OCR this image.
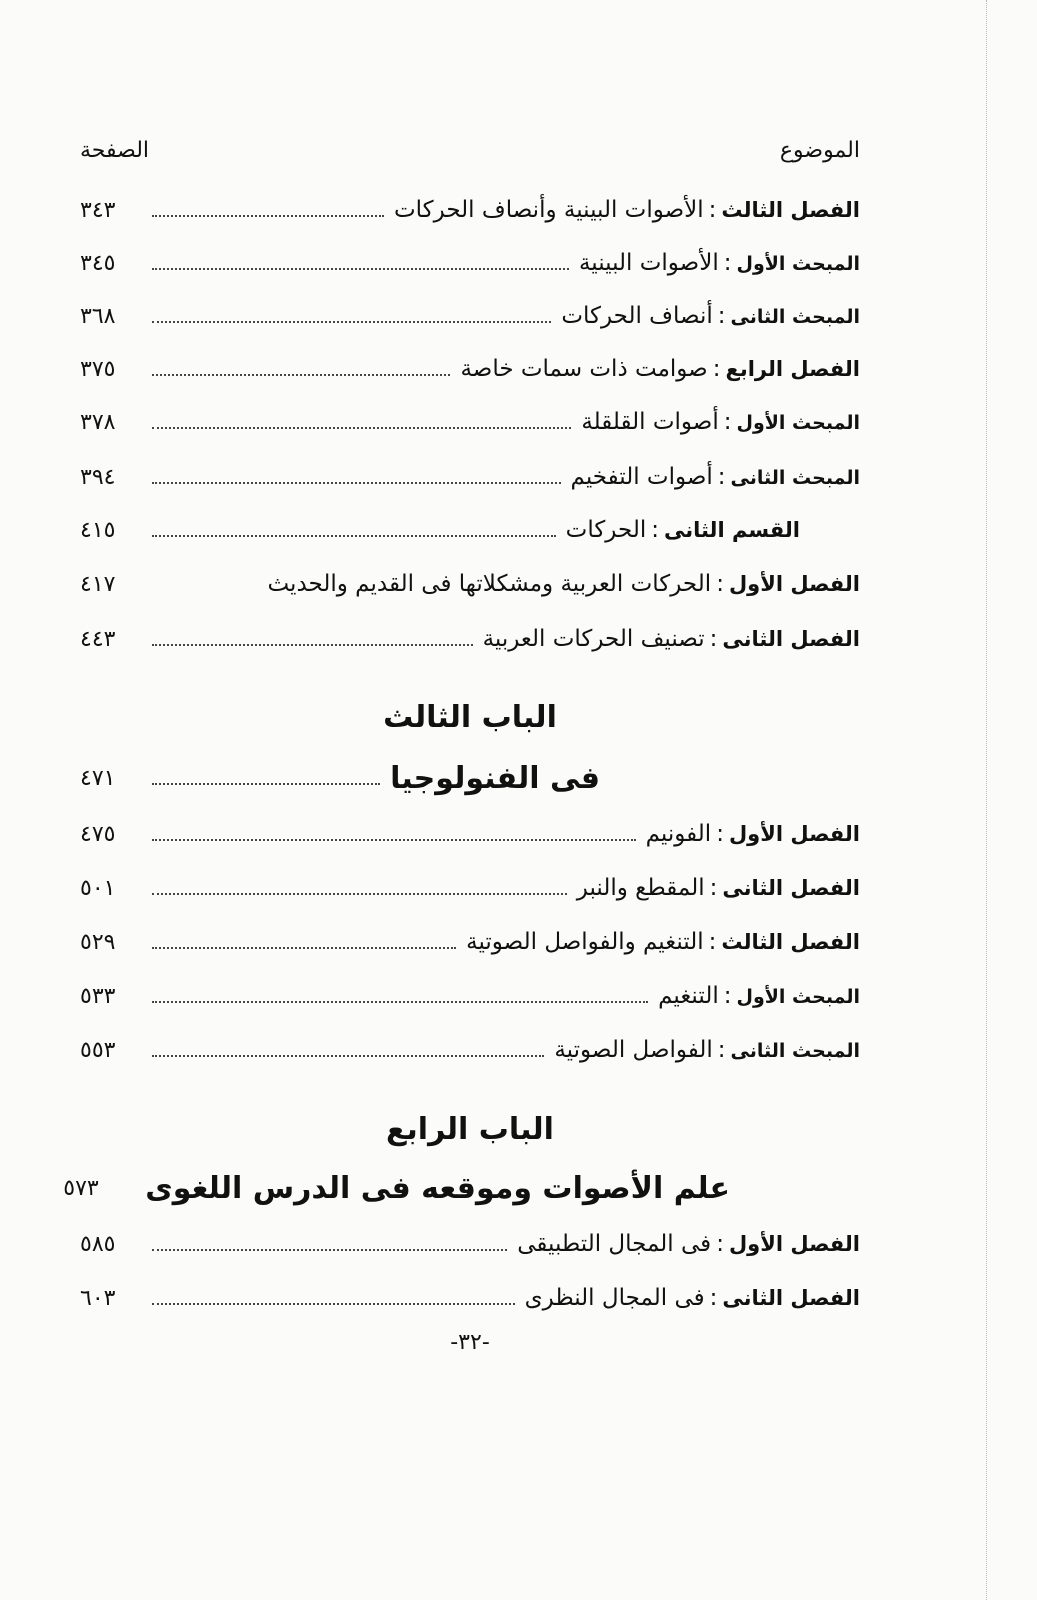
الموضوع
الصفحة
الفصل الثالث:الأصوات البينية وأنصاف الحركات
٣٤٣
المبحث الأول:الأصوات البينية
٣٤٥
المبحث الثانى:أنصاف الحركات
٣٦٨
الفصل الرابع:صوامت ذات سمات خاصة
٣٧٥
المبحث الأول:أصوات القلقلة
٣٧٨
المبحث الثانى:أصوات التفخيم
٣٩٤
القسم الثانى:الحركات
٤١٥
الفصل الأول:الحركات العربية ومشكلاتها فى القديم والحديث
٤١٧
الفصل الثانى:تصنيف الحركات العربية
٤٤٣
الباب الثالث
فى الفنولوجيا
٤٧١
الفصل الأول:الفونيم
٤٧٥
الفصل الثانى:المقطع والنبر
٥٠١
الفصل الثالث:التنغيم والفواصل الصوتية
٥٢٩
المبحث الأول:التنغيم
٥٣٣
المبحث الثانى:الفواصل الصوتية
٥٥٣
الباب الرابع
علم الأصوات وموقعه فى الدرس اللغوى
٥٧٣
الفصل الأول:فى المجال التطبيقى
٥٨٥
الفصل الثانى:فى المجال النظرى
٦٠٣
-٣٢-
